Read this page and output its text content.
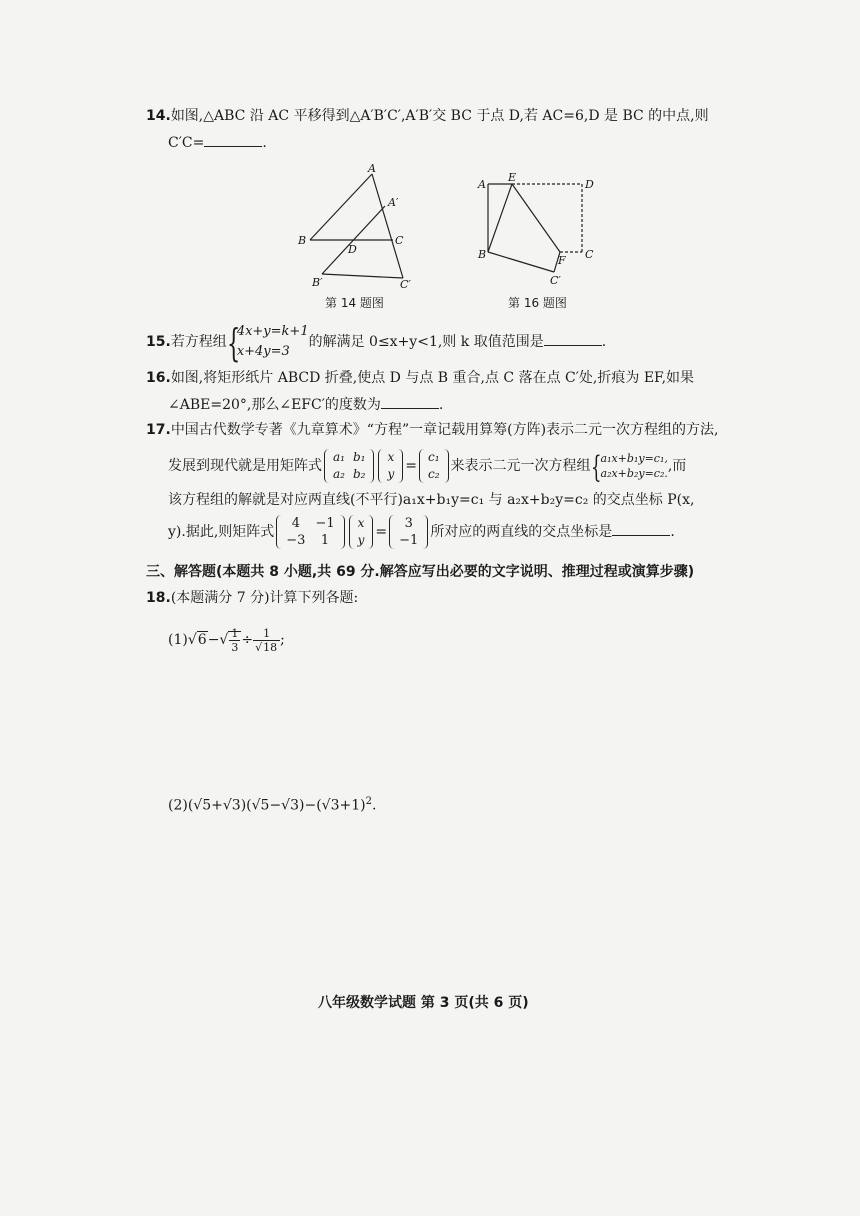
14.如图,△ABC 沿 AC 平移得到△A′B′C′,A′B′交 BC 于点 D,若 AC=6,D 是 BC 的中点,则
C′C=	.
A
A′
B
D
C
B′	C′
第 14 题图
A
E
D
B	F C
C′
第 16 题图
15.若方程组 {
4x+y=k+1
x+4y=3
的解满足 0≤x+y<1,则 k 取值范围是	.
16.如图,将矩形纸片 ABCD 折叠,使点 D 与点 B 重合,点 C 落在点 C′处,折痕为 EF,如果
∠ABE=20°,那么∠EFC′的度数为	.
17.中国古代数学专著《九章算术》“方程”一章记载用算筹(方阵)表示二元一次方程组的方法,
发展到现代就是用矩阵式
a₁	b₁
a₂	b₂
x
y =
c₁
c₂ 来表示二元一次方程组 { a₁x+b₁y=c₁,
a₂x+b₂y=c₂. ,而
该方程组的解就是对应两直线(不平行)a₁x+b₁y=c₁ 与 a₂x+b₂y=c₂ 的交点坐标 P(x,
y).据此,则矩阵式
4	−1
−3	1
x
y =
3
−1
所对应的两直线的交点坐标是	.
三、解答题(本题共 8 小题,共 69 分.解答应写出必要的文字说明、推理过程或演算步骤)
18.(本题满分 7 分)计算下列各题:
$(1)√6-√ \frac{1}{3} \div \frac{1}{√18}$ ;
$(2)(√5+√3)(√5-√3)-(√3+1)^2$.
八年级数学试题 第 3 页(共 6 页)
